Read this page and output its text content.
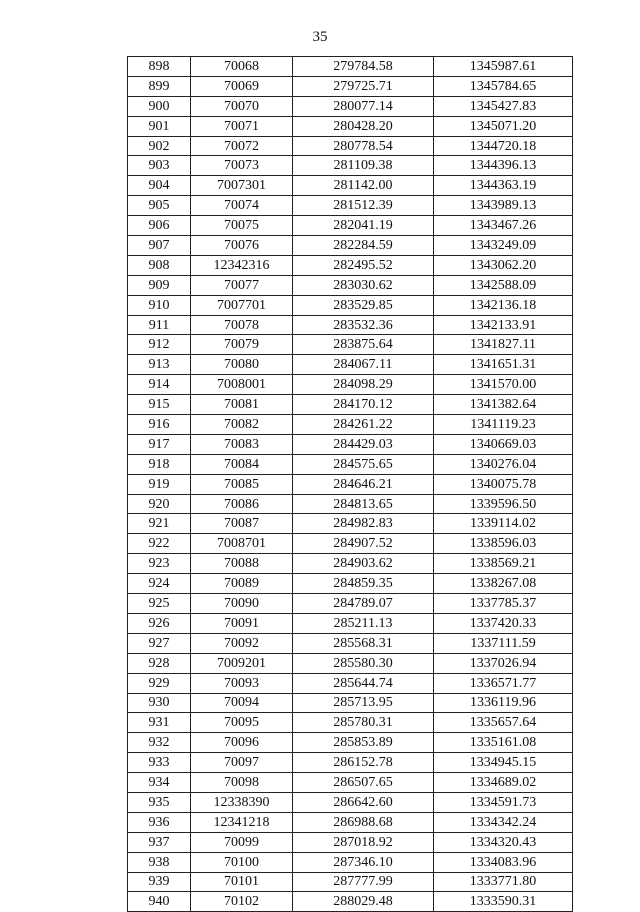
35
898	70068	279784.58	1345987.61
899	70069	279725.71	1345784.65
900	70070	280077.14	1345427.83
901	70071	280428.20	1345071.20
902	70072	280778.54	1344720.18
903	70073	281109.38	1344396.13
904	7007301	281142.00	1344363.19
905	70074	281512.39	1343989.13
906	70075	282041.19	1343467.26
907	70076	282284.59	1343249.09
908	12342316	282495.52	1343062.20
909	70077	283030.62	1342588.09
910	7007701	283529.85	1342136.18
911	70078	283532.36	1342133.91
912	70079	283875.64	1341827.11
913	70080	284067.11	1341651.31
914	7008001	284098.29	1341570.00
915	70081	284170.12	1341382.64
916	70082	284261.22	1341119.23
917	70083	284429.03	1340669.03
918	70084	284575.65	1340276.04
919	70085	284646.21	1340075.78
920	70086	284813.65	1339596.50
921	70087	284982.83	1339114.02
922	7008701	284907.52	1338596.03
923	70088	284903.62	1338569.21
924	70089	284859.35	1338267.08
925	70090	284789.07	1337785.37
926	70091	285211.13	1337420.33
927	70092	285568.31	1337111.59
928	7009201	285580.30	1337026.94
929	70093	285644.74	1336571.77
930	70094	285713.95	1336119.96
931	70095	285780.31	1335657.64
932	70096	285853.89	1335161.08
933	70097	286152.78	1334945.15
934	70098	286507.65	1334689.02
935	12338390	286642.60	1334591.73
936	12341218	286988.68	1334342.24
937	70099	287018.92	1334320.43
938	70100	287346.10	1334083.96
939	70101	287777.99	1333771.80
940	70102	288029.48	1333590.31
